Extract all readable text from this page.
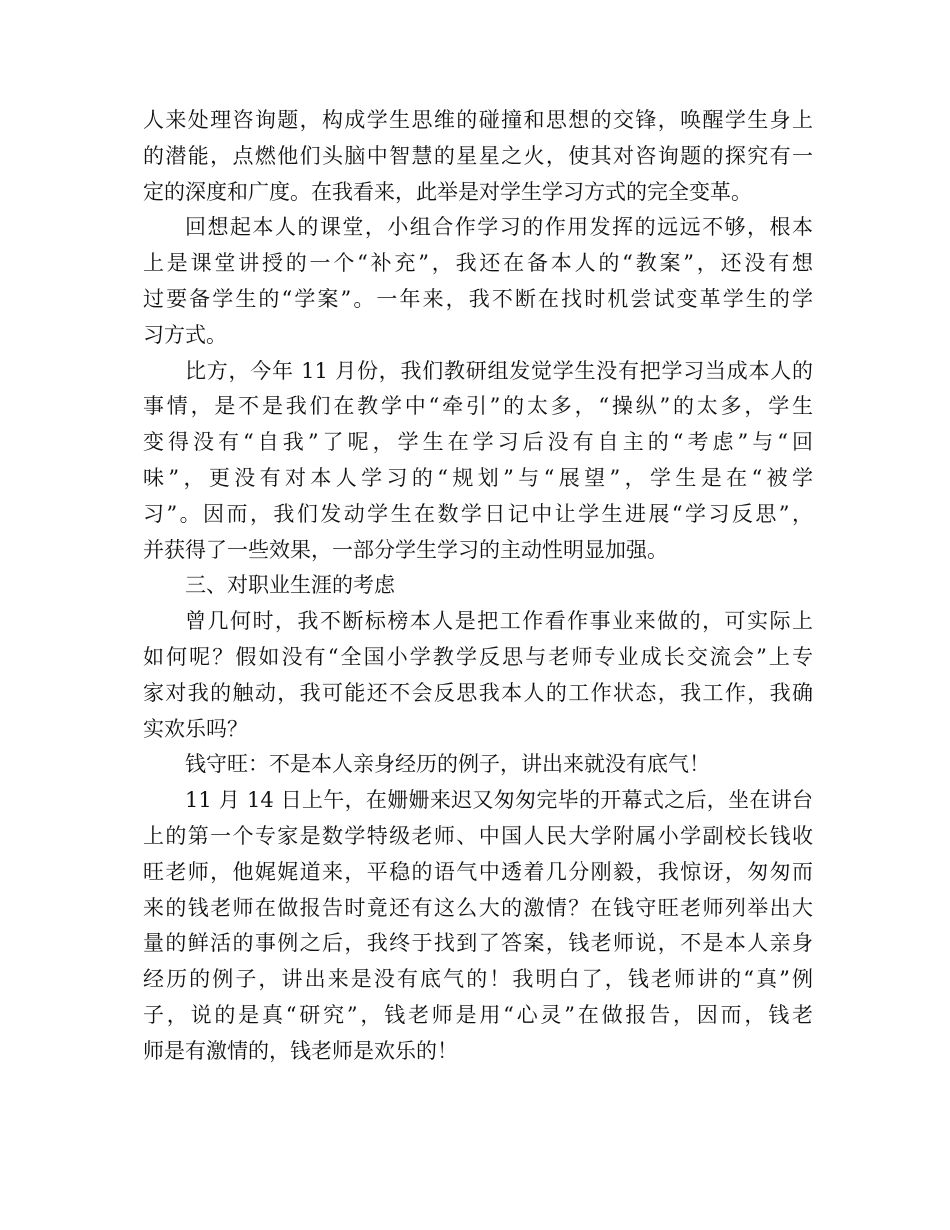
人来处理咨询题，构成学生思维的碰撞和思想的交锋，唤醒学生身上
的潜能，点燃他们头脑中智慧的星星之火，使其对咨询题的探究有一
定的深度和广度。在我看来，此举是对学生学习方式的完全变革。
回想起本人的课堂，小组合作学习的作用发挥的远远不够，根本
上是课堂讲授的一个“补充”，我还在备本人的“教案”，还没有想
过要备学生的“学案”。一年来，我不断在找时机尝试变革学生的学
习方式。
比方，今年 11 月份，我们教研组发觉学生没有把学习当成本人的
事情，是不是我们在教学中“牵引”的太多，“操纵”的太多，学生
变得没有“自我”了呢，学生在学习后没有自主的“考虑”与“回
味”，更没有对本人学习的“规划”与“展望”，学生是在“被学
习”。因而，我们发动学生在数学日记中让学生进展“学习反思”，
并获得了一些效果，一部分学生学习的主动性明显加强。
三、对职业生涯的考虑
曾几何时，我不断标榜本人是把工作看作事业来做的，可实际上
如何呢？假如没有“全国小学教学反思与老师专业成长交流会”上专
家对我的触动，我可能还不会反思我本人的工作状态，我工作，我确
实欢乐吗？
钱守旺：不是本人亲身经历的例子，讲出来就没有底气！
11 月 14 日上午，在姗姗来迟又匆匆完毕的开幕式之后，坐在讲台
上的第一个专家是数学特级老师、中国人民大学附属小学副校长钱收
旺老师，他娓娓道来，平稳的语气中透着几分刚毅，我惊讶，匆匆而
来的钱老师在做报告时竟还有这么大的激情？在钱守旺老师列举出大
量的鲜活的事例之后，我终于找到了答案，钱老师说，不是本人亲身
经历的例子，讲出来是没有底气的！我明白了，钱老师讲的“真”例
子，说的是真“研究”，钱老师是用“心灵”在做报告，因而，钱老
师是有激情的，钱老师是欢乐的！
